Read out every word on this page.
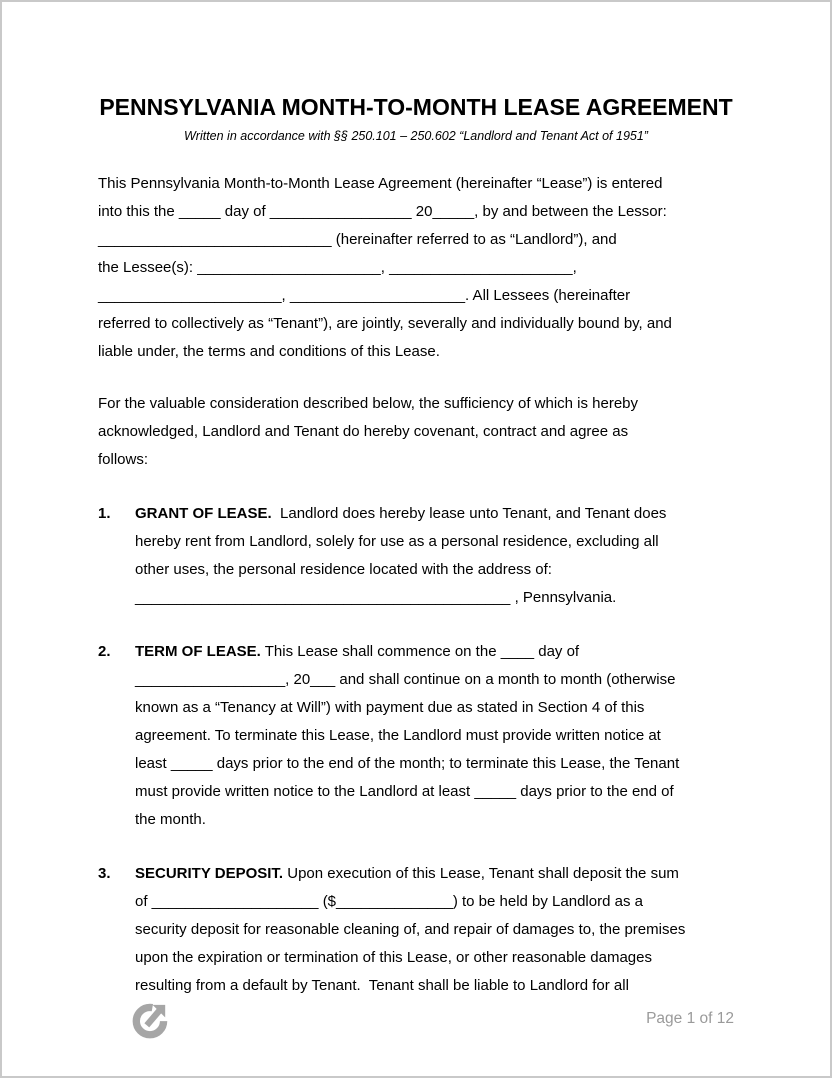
PENNSYLVANIA MONTH-TO-MONTH LEASE AGREEMENT
Written in accordance with §§ 250.101 – 250.602 “Landlord and Tenant Act of 1951”
This Pennsylvania Month-to-Month Lease Agreement (hereinafter “Lease”) is entered
into this the _____ day of _________________ 20_____, by and between the Lessor:
____________________________ (hereinafter referred to as “Landlord”), and
the Lessee(s): ______________________, ______________________,
______________________, _____________________. All Lessees (hereinafter
referred to collectively as “Tenant”), are jointly, severally and individually bound by, and
liable under, the terms and conditions of this Lease.
For the valuable consideration described below, the sufficiency of which is hereby
acknowledged, Landlord and Tenant do hereby covenant, contract and agree as
follows:
1.	GRANT OF LEASE.  Landlord does hereby lease unto Tenant, and Tenant does
hereby rent from Landlord, solely for use as a personal residence, excluding all
other uses, the personal residence located with the address of:
_____________________________________________ , Pennsylvania.
2.	TERM OF LEASE. This Lease shall commence on the ____ day of
__________________, 20___ and shall continue on a month to month (otherwise
known as a “Tenancy at Will”) with payment due as stated in Section 4 of this
agreement. To terminate this Lease, the Landlord must provide written notice at
least _____ days prior to the end of the month; to terminate this Lease, the Tenant
must provide written notice to the Landlord at least _____ days prior to the end of
the month.
3.	SECURITY DEPOSIT. Upon execution of this Lease, Tenant shall deposit the sum
of ____________________ ($______________) to be held by Landlord as a
security deposit for reasonable cleaning of, and repair of damages to, the premises
upon the expiration or termination of this Lease, or other reasonable damages
resulting from a default by Tenant.  Tenant shall be liable to Landlord for all
Page 1 of 12
